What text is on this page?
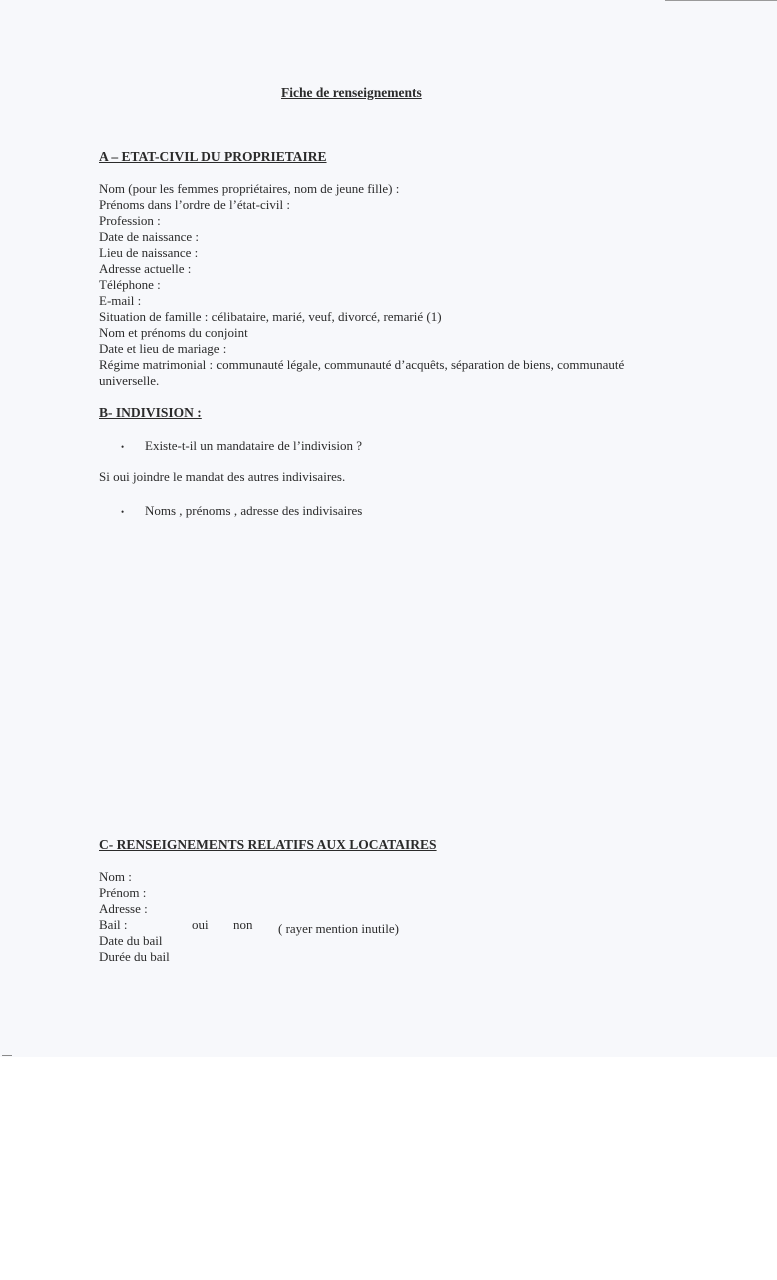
Fiche de renseignements
A – ETAT-CIVIL DU PROPRIETAIRE
Nom (pour les femmes propriétaires, nom de jeune fille) :
Prénoms dans l’ordre de l’état-civil :
Profession :
Date de naissance :
Lieu de naissance :
Adresse actuelle :
Téléphone :
E-mail :
Situation de famille : célibataire, marié, veuf, divorcé, remarié (1)
Nom et prénoms du conjoint
Date et lieu de mariage :
Régime matrimonial : communauté légale, communauté d’acquêts, séparation de biens, communauté universelle.
B- INDIVISION :
• Existe-t-il un mandataire de l’indivision ?
Si oui joindre le mandat des autres indivisaires.
• Noms , prénoms , adresse des indivisaires
C- RENSEIGNEMENTS RELATIFS AUX LOCATAIRES
Nom :
Prénom :
Adresse :
Bail :	oui non ( rayer mention inutile)
Date du bail
Durée du bail
